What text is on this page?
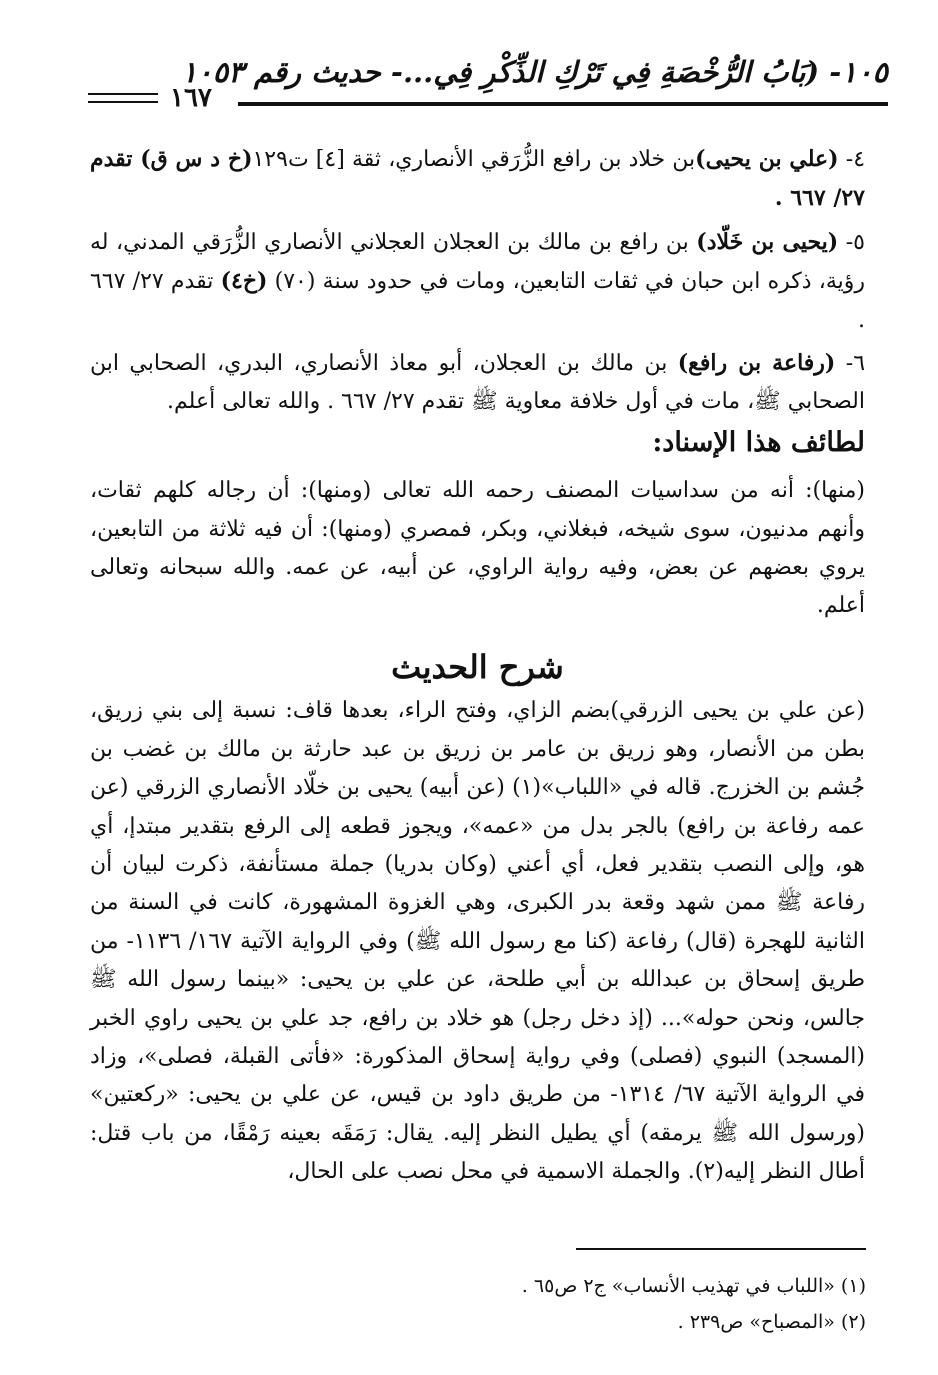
١٠٥- (بَابُ الرُّخْصَةِ فِي تَرْكِ الذِّكْرِ فِي...- حديث رقم ١٠٥٣
١٦٧

٤- (علي بن يحيى)بن خلاد بن رافع الزُّرَقي الأنصاري، ثقة [٤] ت١٢٩(خ د س ق) تقدم ٢٧/ ٦٦٧ .

٥- (يحيى بن خَلّاد) بن رافع بن مالك بن العجلان العجلاني الأنصاري الزُّرَقي المدني، له رؤية، ذكره ابن حبان في ثقات التابعين، ومات في حدود سنة (٧٠) (خ٤) تقدم ٢٧/ ٦٦٧ .

٦- (رفاعة بن رافع) بن مالك بن العجلان، أبو معاذ الأنصاري، البدري، الصحابي ابن الصحابي ﷺ، مات في أول خلافة معاوية ﷺ تقدم ٢٧/ ٦٦٧ . والله تعالى أعلم.

لطائف هذا الإسناد:

(منها): أنه من سداسيات المصنف رحمه الله تعالى (ومنها): أن رجاله كلهم ثقات، وأنهم مدنيون، سوى شيخه، فبغلاني، وبكر، فمصري (ومنها): أن فيه ثلاثة من التابعين، يروي بعضهم عن بعض، وفيه رواية الراوي، عن أبيه، عن عمه. والله سبحانه وتعالى أعلم.

شرح الحديث

(عن علي بن يحيى الزرقي)بضم الزاي، وفتح الراء، بعدها قاف: نسبة إلى بني زريق، بطن من الأنصار، وهو زريق بن عامر بن زريق بن عبد حارثة بن مالك بن غضب بن جُشم بن الخزرج. قاله في «اللباب»(١) (عن أبيه) يحيى بن خلّاد الأنصاري الزرقي (عن عمه رفاعة بن رافع) بالجر بدل من «عمه»، ويجوز قطعه إلى الرفع بتقدير مبتدإ، أي هو، وإلى النصب بتقدير فعل، أي أعني (وكان بدريا) جملة مستأنفة، ذكرت لبيان أن رفاعة ﷺ ممن شهد وقعة بدر الكبرى، وهي الغزوة المشهورة، كانت في السنة من الثانية للهجرة (قال) رفاعة (كنا مع رسول الله ﷺ) وفي الرواية الآتية ١٦٧/ ١١٣٦- من طريق إسحاق بن عبدالله بن أبي طلحة، عن علي بن يحيى: «بينما رسول الله ﷺ جالس، ونحن حوله»... (إذ دخل رجل) هو خلاد بن رافع، جد علي بن يحيى راوي الخبر (المسجد) النبوي (فصلى) وفي رواية إسحاق المذكورة: «فأتى القبلة، فصلى»، وزاد في الرواية الآتية ٦٧/ ١٣١٤- من طريق داود بن قيس، عن علي بن يحيى: «ركعتين» (ورسول الله ﷺ يرمقه) أي يطيل النظر إليه. يقال: رَمَقَه بعينه رَمْقًا، من باب قتل: أطال النظر إليه(٢). والجملة الاسمية في محل نصب على الحال،

(١) «اللباب في تهذيب الأنساب» ج٢ ص٦٥ .

(٢) «المصباح» ص٢٣٩ .
